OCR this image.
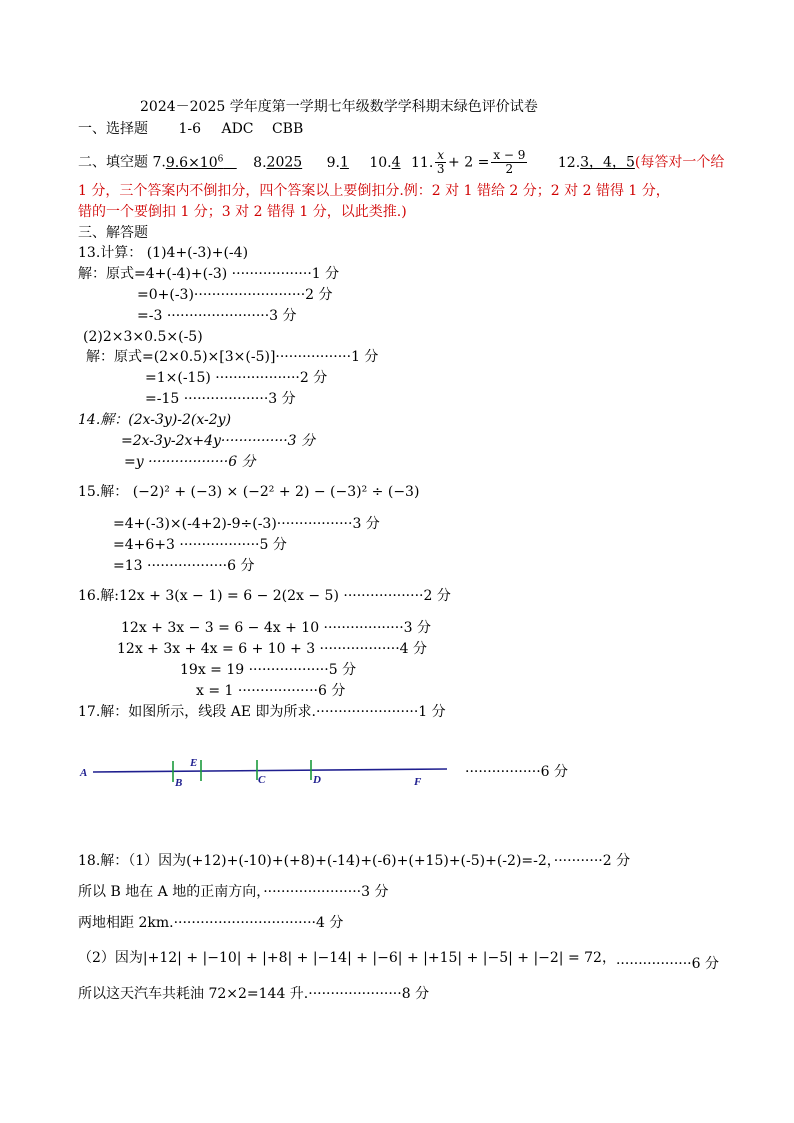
2024－2025 学年度第一学期七年级数学学科期末绿色评价试卷
一、选择题 1-6 ADC CBB
二、填空题 $7.9.6\times 10^6$ 8.2025 9.1 10.4 11. $\frac{x}{3} + 2 = \frac{x - 9}{2} 12.3$，4，5(每答对一个给
1 分，三个答案内不倒扣分，四个答案以上要倒扣分.例：2 对 1 错给 2 分；2 对 2 错得 1 分，
错的一个要倒扣 1 分；3 对 2 错得 1 分，以此类推.)
三、解答题
13.计算： (1)4+(-3)+(-4)
解：原式=4+(-4)+(-3) ··················1 分
=0+(-3)·························2 分
=-3 ·······················3 分
(2)2×3×0.5×(-5)
解：原式=(2×0.5)×[3×(-5)]·················1 分
=1×(-15) ···················2 分
=-15 ···················3 分
14.解：(2x-3y)-2(x-2y)
=2x-3y-2x+4y···············3 分
=y ··················6 分
15.解： (−2)² + (−3) × (−2² + 2) − (−3)² ÷ (−3)
=4+(-3)×(-4+2)-9÷(-3)·················3 分
=4+6+3 ··················5 分
=13 ··················6 分
16.解:12x + 3(x − 1) = 6 − 2(2x − 5) ··················2 分
12x + 3x − 3 = 6 − 4x + 10 ··················3 分
12x + 3x + 4x = 6 + 10 + 3 ··················4 分
19x = 19 ··················5 分
x = 1 ··················6 分
17.解：如图所示，线段 AE 即为所求.·······················1 分
A
B
E
C	D	F
·················6 分
18.解：（1）因为(+12)+(-10)+(+8)+(-14)+(-6)+(+15)+(-5)+(-2)=-2，···········2 分
所以 B 地在 A 地的正南方向，······················3 分
两地相距 2km.································4 分
（2）因为|+12| + |−10| + |+8| + |−14| + |−6| + |+15| + |−5| + |−2| = 72，·················6 分
所以这天汽车共耗油 72×2=144 升.·····················8 分
